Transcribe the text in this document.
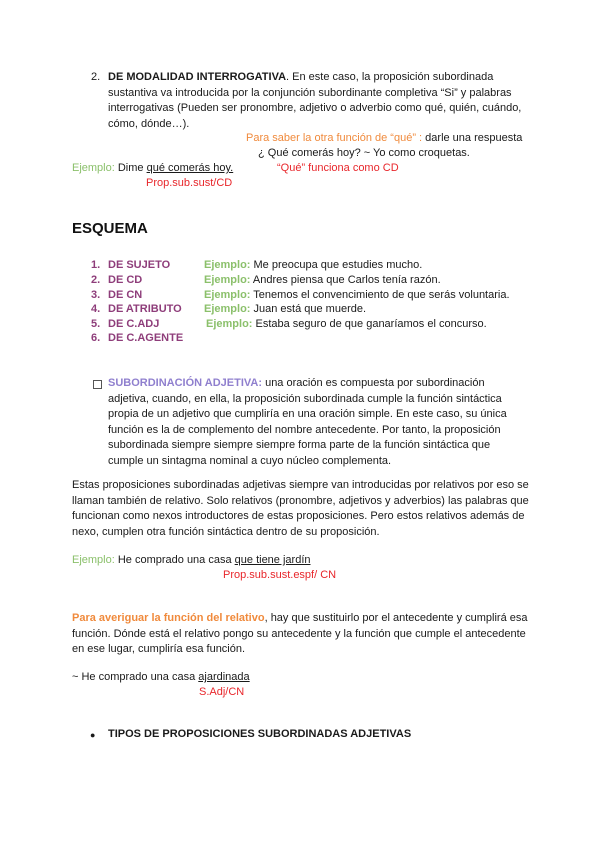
2. DE MODALIDAD INTERROGATIVA. En este caso, la proposición subordinada sustantiva va introducida por la conjunción subordinante completiva “Si” y palabras interrogativas (Pueden ser pronombre, adjetivo o adverbio como qué, quién, cuándo, cómo, dónde…).
Para saber la otra función de “qué” : darle una respuesta
¿ Qué comerás hoy? ~ Yo como croquetas.
Ejemplo: Dime qué comerás hoy.	“Qué” funciona como CD
Prop.sub.sust/CD
ESQUEMA
1. DE SUJETO	Ejemplo: Me preocupa que estudies mucho.
2. DE CD	Ejemplo: Andres piensa que Carlos tenía razón.
3. DE CN	Ejemplo: Tenemos el convencimiento de que serás voluntaria.
4. DE ATRIBUTO Ejemplo: Juan está que muerde.
5. DE C.ADJ	Ejemplo: Estaba seguro de que ganaríamos el concurso.
6. DE C.AGENTE
SUBORDINACIÓN ADJETIVA: una oración es compuesta por subordinación adjetiva, cuando, en ella, la proposición subordinada cumple la función sintáctica propia de un adjetivo que cumpliría en una oración simple. En este caso, su única función es la de complemento del nombre antecedente. Por tanto, la proposición subordinada siempre siempre siempre forma parte de la función sintáctica que cumple un sintagma nominal a cuyo núcleo complementa.
Estas proposiciones subordinadas adjetivas siempre van introducidas por relativos por eso se llaman también de relativo. Solo relativos (pronombre, adjetivos y adverbios) las palabras que funcionan como nexos introductores de estas proposiciones. Pero estos relativos además de nexo, cumplen otra función sintáctica dentro de su proposición.
Ejemplo: He comprado una casa que tiene jardín
Prop.sub.sust.espf/ CN
Para averiguar la función del relativo, hay que sustituirlo por el antecedente y cumplirá esa función. Dónde está el relativo pongo su antecedente y la función que cumple el antecedente en ese lugar, cumpliría esa función.
~ He comprado una casa ajardinada
S.Adj/CN
● TIPOS DE PROPOSICIONES SUBORDINADAS ADJETIVAS
